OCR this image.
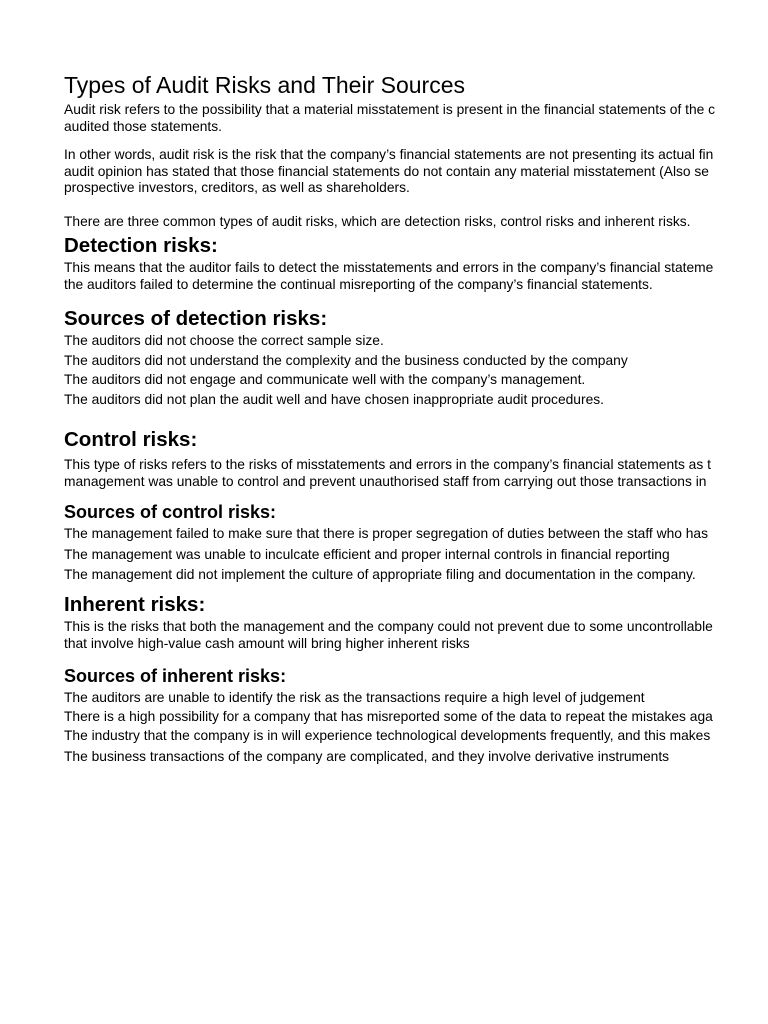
Types of Audit Risks and Their Sources
Audit risk refers to the possibility that a material misstatement is present in the financial statements of the c
audited those statements.
In other words, audit risk is the risk that the company’s financial statements are not presenting its actual fin
audit opinion has stated that those financial statements do not contain any material misstatement (Also se
prospective investors, creditors, as well as shareholders.
There are three common types of audit risks, which are detection risks, control risks and inherent risks.
Detection risks:
This means that the auditor fails to detect the misstatements and errors in the company’s financial stateme
the auditors failed to determine the continual misreporting of the company’s financial statements.
Sources of detection risks:
The auditors did not choose the correct sample size.
The auditors did not understand the complexity and the business conducted by the company
The auditors did not engage and communicate well with the company’s management.
The auditors did not plan the audit well and have chosen inappropriate audit procedures.
Control risks:
This type of risks refers to the risks of misstatements and errors in the company’s financial statements as t
management was unable to control and prevent unauthorised staff from carrying out those transactions in
Sources of control risks:
The management failed to make sure that there is proper segregation of duties between the staff who has
The management was unable to inculcate efficient and proper internal controls in financial reporting
The management did not implement the culture of appropriate filing and documentation in the company.
Inherent risks:
This is the risks that both the management and the company could not prevent due to some uncontrollable
that involve high-value cash amount will bring higher inherent risks
Sources of inherent risks:
The auditors are unable to identify the risk as the transactions require a high level of judgement
There is a high possibility for a company that has misreported some of the data to repeat the mistakes aga
The industry that the company is in will experience technological developments frequently, and this makes
The business transactions of the company are complicated, and they involve derivative instruments
